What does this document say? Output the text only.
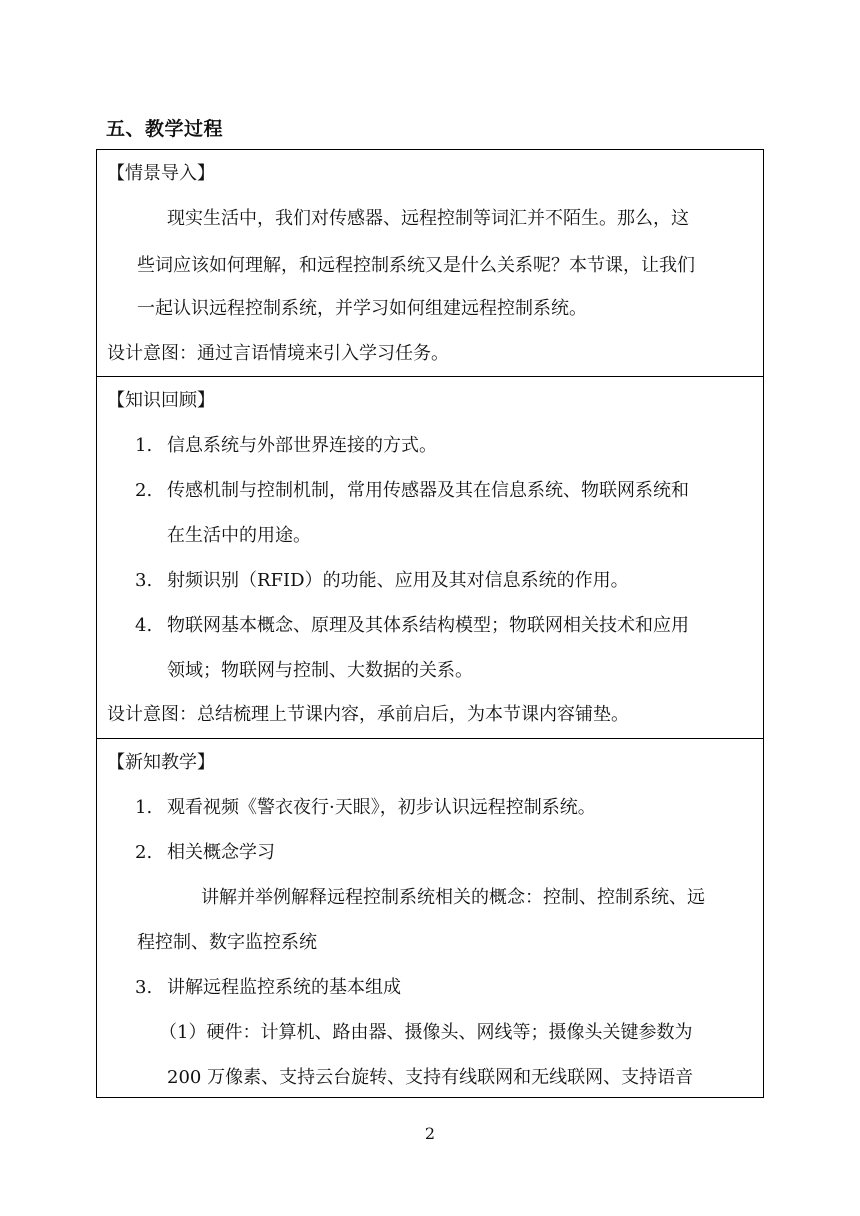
五、教学过程
【情景导入】
现实生活中，我们对传感器、远程控制等词汇并不陌生。那么，这
些词应该如何理解，和远程控制系统又是什么关系呢？本节课，让我们
一起认识远程控制系统，并学习如何组建远程控制系统。
设计意图：通过言语情境来引入学习任务。
【知识回顾】
1. 信息系统与外部世界连接的方式。
2. 传感机制与控制机制，常用传感器及其在信息系统、物联网系统和
在生活中的用途。
3. 射频识别（RFID）的功能、应用及其对信息系统的作用。
4. 物联网基本概念、原理及其体系结构模型；物联网相关技术和应用
领域；物联网与控制、大数据的关系。
设计意图：总结梳理上节课内容，承前启后，为本节课内容铺垫。
【新知教学】
1. 观看视频《警衣夜行·天眼》，初步认识远程控制系统。
2. 相关概念学习
讲解并举例解释远程控制系统相关的概念：控制、控制系统、远
程控制、数字监控系统
3. 讲解远程监控系统的基本组成
（1）硬件：计算机、路由器、摄像头、网线等；摄像头关键参数为
200 万像素、支持云台旋转、支持有线联网和无线联网、支持语音
2
